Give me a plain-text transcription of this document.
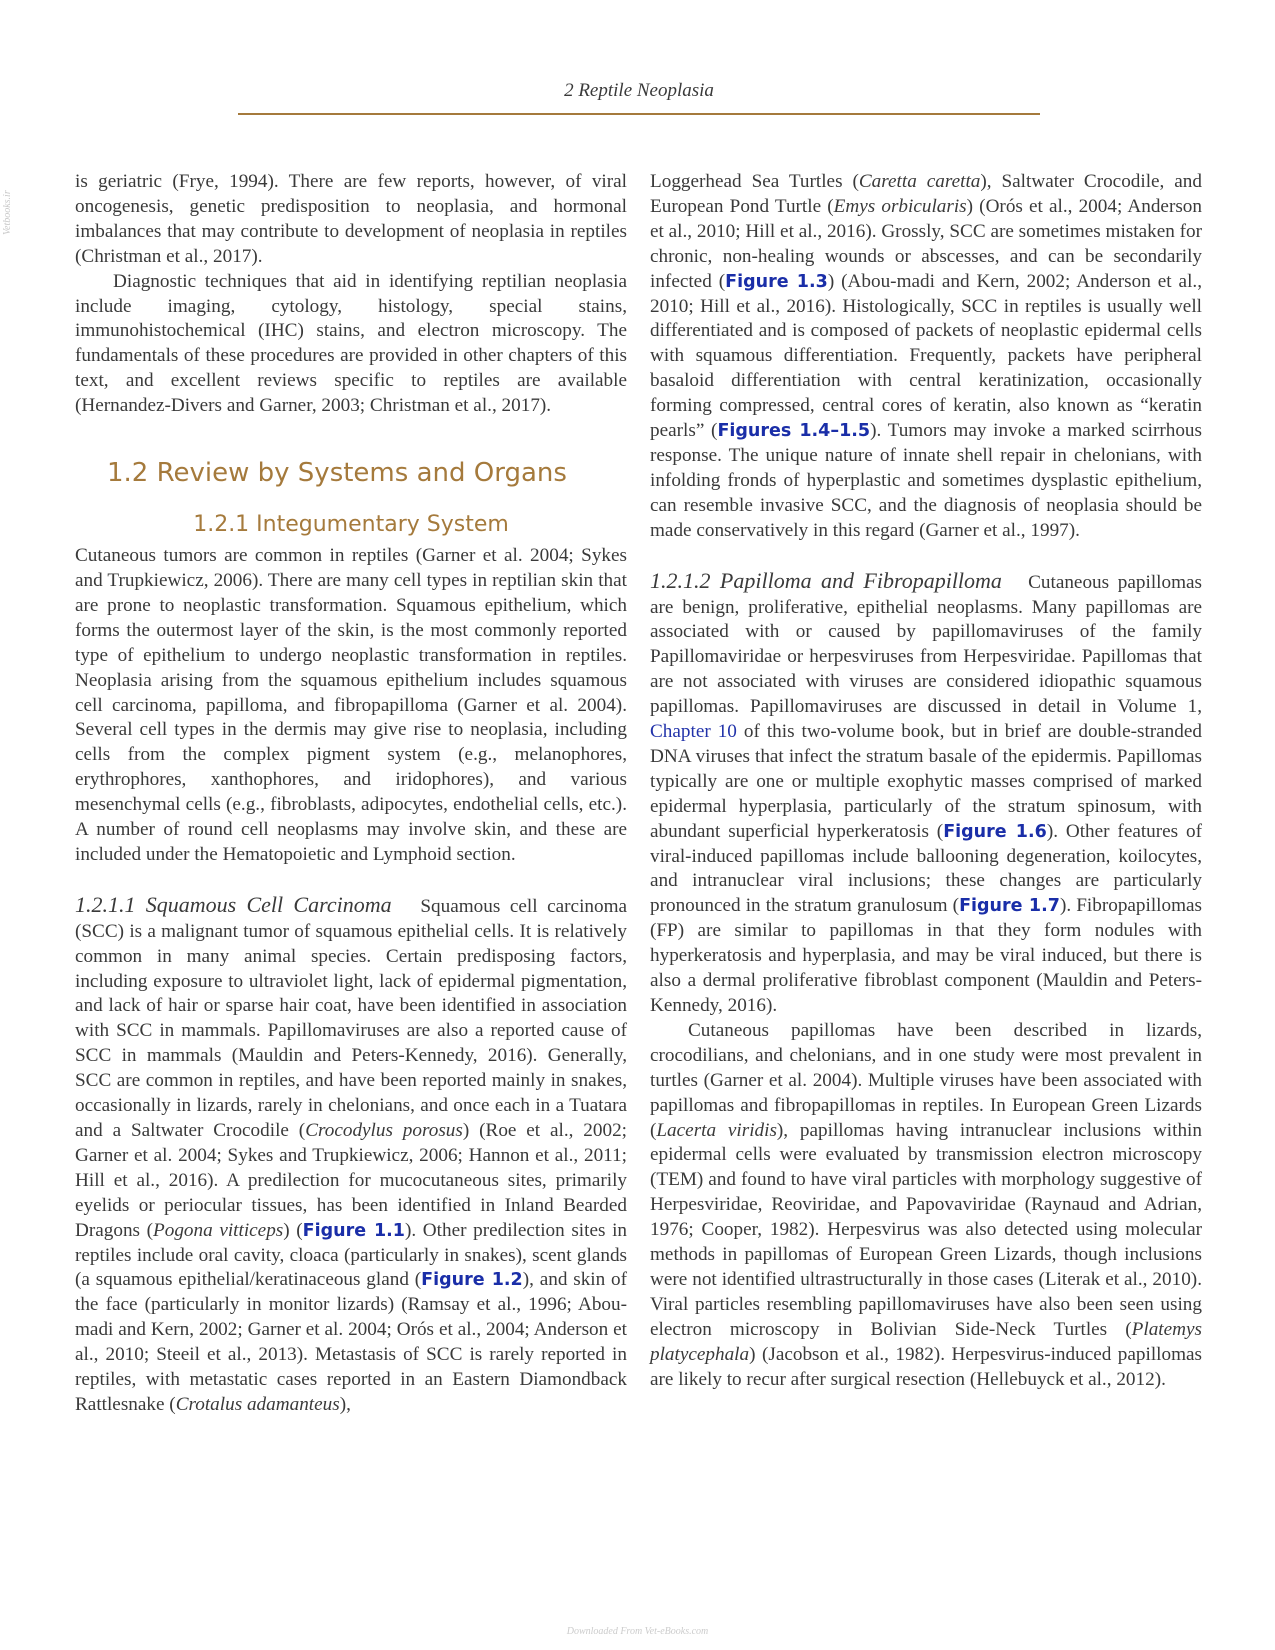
2 Reptile Neoplasia
Vetbooks.ir

is geriatric (Frye, 1994). There are few reports, however, of viral oncogenesis, genetic predisposition to neoplasia, and hormonal imbalances that may contribute to development of neoplasia in reptiles (Christman et al., 2017).

Diagnostic techniques that aid in identifying reptilian neoplasia include imaging, cytology, histology, special stains, immunohistochemical (IHC) stains, and electron microscopy. The fundamentals of these procedures are provided in other chapters of this text, and excellent reviews specific to reptiles are available (Hernandez-Divers and Garner, 2003; Christman et al., 2017).

1.2 Review by Systems and Organs
1.2.1 Integumentary System

Cutaneous tumors are common in reptiles (Garner et al. 2004; Sykes and Trupkiewicz, 2006). There are many cell types in reptilian skin that are prone to neoplastic transformation. Squamous epithelium, which forms the outermost layer of the skin, is the most commonly reported type of epithelium to undergo neoplastic transformation in reptiles. Neoplasia arising from the squamous epithelium includes squamous cell carcinoma, papilloma, and fibropapilloma (Garner et al. 2004). Several cell types in the dermis may give rise to neoplasia, including cells from the complex pigment system (e.g., melanophores, erythrophores, xanthophores, and iridophores), and various mesenchymal cells (e.g., fibroblasts, adipocytes, endothelial cells, etc.). A number of round cell neoplasms may involve skin, and these are included under the Hematopoietic and Lymphoid section.

1.2.1.1 Squamous Cell Carcinoma Squamous cell carcinoma (SCC) is a malignant tumor of squamous epithelial cells. It is relatively common in many animal species. Certain predisposing factors, including exposure to ultraviolet light, lack of epidermal pigmentation, and lack of hair or sparse hair coat, have been identified in association with SCC in mammals. Papillomaviruses are also a reported cause of SCC in mammals (Mauldin and Peters-Kennedy, 2016). Generally, SCC are common in reptiles, and have been reported mainly in snakes, occasionally in lizards, rarely in chelonians, and once each in a Tuatara and a Saltwater Crocodile (Crocodylus porosus) (Roe et al., 2002; Garner et al. 2004; Sykes and Trupkiewicz, 2006; Hannon et al., 2011; Hill et al., 2016). A predilection for mucocutaneous sites, primarily eyelids or periocular tissues, has been identified in Inland Bearded Dragons (Pogona vitticeps) (Figure 1.1). Other predilection sites in reptiles include oral cavity, cloaca (particularly in snakes), scent glands (a squamous epithelial/keratinaceous gland (Figure 1.2), and skin of the face (particularly in monitor lizards) (Ramsay et al., 1996; Abou-madi and Kern, 2002; Garner et al. 2004; Orós et al., 2004; Anderson et al., 2010; Steeil et al., 2013). Metastasis of SCC is rarely reported in reptiles, with metastatic cases reported in an Eastern Diamondback Rattlesnake (Crotalus adamanteus),

Loggerhead Sea Turtles (Caretta caretta), Saltwater Crocodile, and European Pond Turtle (Emys orbicularis) (Orós et al., 2004; Anderson et al., 2010; Hill et al., 2016). Grossly, SCC are sometimes mistaken for chronic, non-healing wounds or abscesses, and can be secondarily infected (Figure 1.3) (Abou-madi and Kern, 2002; Anderson et al., 2010; Hill et al., 2016). Histologically, SCC in reptiles is usually well differentiated and is composed of packets of neoplastic epidermal cells with squamous differentiation. Frequently, packets have peripheral basaloid differentiation with central keratinization, occasionally forming compressed, central cores of keratin, also known as “keratin pearls” (Figures 1.4–1.5). Tumors may invoke a marked scirrhous response. The unique nature of innate shell repair in chelonians, with infolding fronds of hyperplastic and sometimes dysplastic epithelium, can resemble invasive SCC, and the diagnosis of neoplasia should be made conservatively in this regard (Garner et al., 1997).

1.2.1.2 Papilloma and Fibropapilloma Cutaneous papillomas are benign, proliferative, epithelial neoplasms. Many papillomas are associated with or caused by papillomaviruses of the family Papillomaviridae or herpesviruses from Herpesviridae. Papillomas that are not associated with viruses are considered idiopathic squamous papillomas. Papillomaviruses are discussed in detail in Volume 1, Chapter 10 of this two-volume book, but in brief are double-stranded DNA viruses that infect the stratum basale of the epidermis. Papillomas typically are one or multiple exophytic masses comprised of marked epidermal hyperplasia, particularly of the stratum spinosum, with abundant superficial hyperkeratosis (Figure 1.6). Other features of viral-induced papillomas include ballooning degeneration, koilocytes, and intranuclear viral inclusions; these changes are particularly pronounced in the stratum granulosum (Figure 1.7). Fibropapillomas (FP) are similar to papillomas in that they form nodules with hyperkeratosis and hyperplasia, and may be viral induced, but there is also a dermal proliferative fibroblast component (Mauldin and Peters-Kennedy, 2016).

Cutaneous papillomas have been described in lizards, crocodilians, and chelonians, and in one study were most prevalent in turtles (Garner et al. 2004). Multiple viruses have been associated with papillomas and fibropapillomas in reptiles. In European Green Lizards (Lacerta viridis), papillomas having intranuclear inclusions within epidermal cells were evaluated by transmission electron microscopy (TEM) and found to have viral particles with morphology suggestive of Herpesviridae, Reoviridae, and Papovaviridae (Raynaud and Adrian, 1976; Cooper, 1982). Herpesvirus was also detected using molecular methods in papillomas of European Green Lizards, though inclusions were not identified ultrastructurally in those cases (Literak et al., 2010). Viral particles resembling papillomaviruses have also been seen using electron microscopy in Bolivian Side-Neck Turtles (Platemys platycephala) (Jacobson et al., 1982). Herpesvirus-induced papillomas are likely to recur after surgical resection (Hellebuyck et al., 2012).

Downloaded From Vet-eBooks.com
